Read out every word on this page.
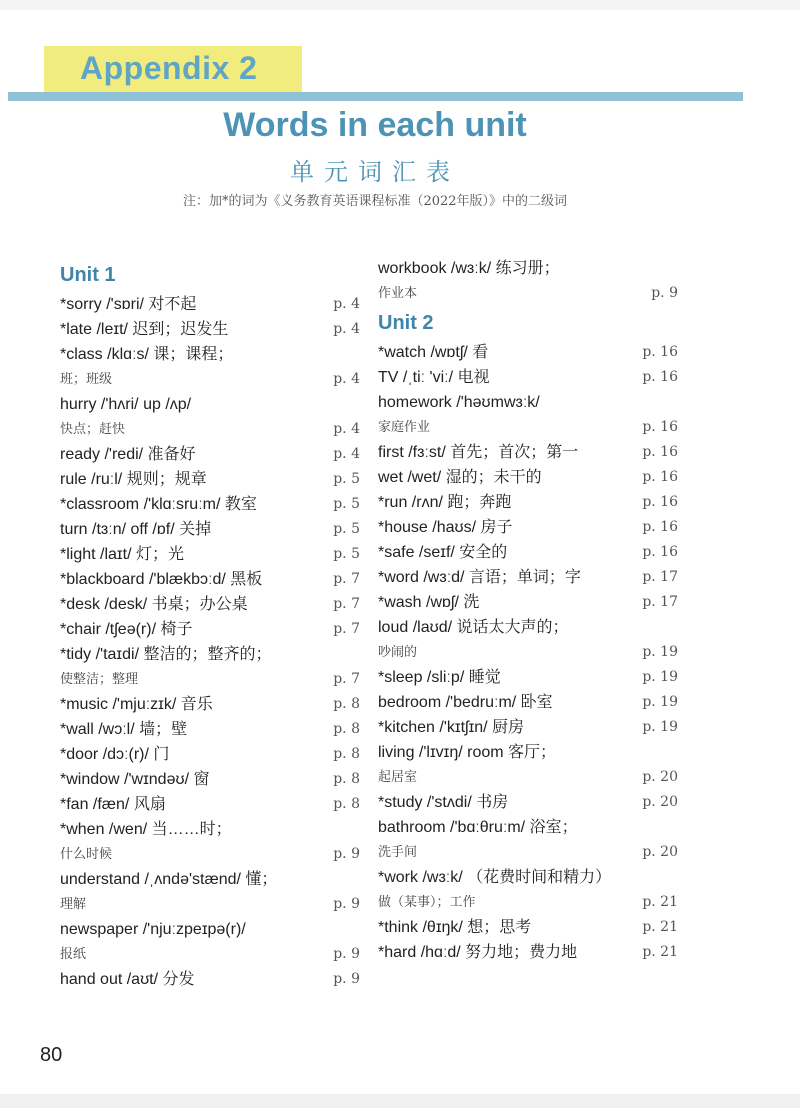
Appendix 2
Words in each unit
单元词汇表
注：加*的词为《义务教育英语课程标准（2022年版）》中的二级词
Unit 1
*sorry /'sɒri/ 对不起	p. 4
*late /leɪt/ 迟到；迟发生	p. 4
*class /klɑːs/ 课；课程；
班；班级	p. 4
hurry /'hʌri/ up /ʌp/
快点；赶快	p. 4
ready /'redi/ 准备好	p. 4
rule /ruːl/ 规则；规章	p. 5
*classroom /'klɑːsruːm/ 教室	p. 5
turn /tɜːn/ off /ɒf/ 关掉	p. 5
*light /laɪt/ 灯；光	p. 5
*blackboard /'blækbɔːd/ 黑板	p. 7
*desk /desk/ 书桌；办公桌	p. 7
*chair /tʃeə(r)/ 椅子	p. 7
*tidy /'taɪdi/ 整洁的；整齐的；
使整洁；整理	p. 7
*music /'mjuːzɪk/ 音乐	p. 8
*wall /wɔːl/ 墙；壁	p. 8
*door /dɔː(r)/ 门	p. 8
*window /'wɪndəʊ/ 窗	p. 8
*fan /fæn/ 风扇	p. 8
*when /wen/ 当……时；
什么时候	p. 9
understand /ˌʌndə'stænd/ 懂；
理解	p. 9
newspaper /'njuːzpeɪpə(r)/
报纸	p. 9
hand out /aʊt/ 分发	p. 9
workbook /wɜːk/ 练习册；
作业本	p. 9
Unit 2
*watch /wɒtʃ/ 看	p. 16
TV /ˌtiː 'viː/ 电视	p. 16
homework /'həʊmwɜːk/
家庭作业	p. 16
first /fɜːst/ 首先；首次；第一	p. 16
wet /wet/ 湿的；未干的	p. 16
*run /rʌn/ 跑；奔跑	p. 16
*house /haʊs/ 房子	p. 16
*safe /seɪf/ 安全的	p. 16
*word /wɜːd/ 言语；单词；字	p. 17
*wash /wɒʃ/ 洗	p. 17
loud /laʊd/ 说话太大声的；
吵闹的	p. 19
*sleep /sliːp/ 睡觉	p. 19
bedroom /'bedruːm/ 卧室	p. 19
*kitchen /'kɪtʃɪn/ 厨房	p. 19
living /'lɪvɪŋ/ room 客厅；
起居室	p. 20
*study /'stʌdi/ 书房	p. 20
bathroom /'bɑːθruːm/ 浴室；
洗手间	p. 20
*work /wɜːk/ （花费时间和精力）
做（某事）；工作	p. 21
*think /θɪŋk/ 想；思考	p. 21
*hard /hɑːd/ 努力地；费力地	p. 21
80
